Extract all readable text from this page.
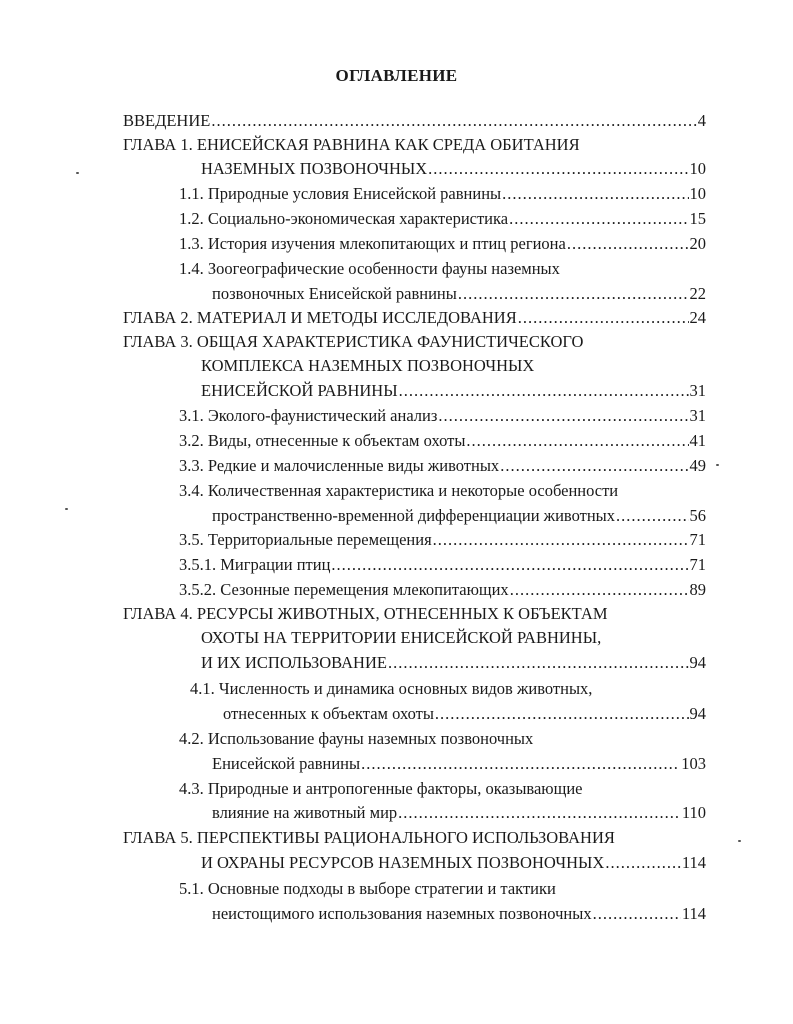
ОГЛАВЛЕНИЕ
ВВЕДЕНИЕ .....	4
ГЛАВА 1. ЕНИСЕЙСКАЯ РАВНИНА КАК СРЕДА ОБИТАНИЯ
НАЗЕМНЫХ ПОЗВОНОЧНЫХ .....	10
1.1. Природные условия Енисейской равнины .....	10
1.2. Социально-экономическая характеристика .....	15
1.3. История изучения млекопитающих и птиц региона .....	20
1.4. Зоогеографические особенности фауны наземных
позвоночных Енисейской равнины .....	22
ГЛАВА 2. МАТЕРИАЛ И МЕТОДЫ ИССЛЕДОВАНИЯ .....	24
ГЛАВА 3. ОБЩАЯ ХАРАКТЕРИСТИКА ФАУНИСТИЧЕСКОГО
КОМПЛЕКСА НАЗЕМНЫХ ПОЗВОНОЧНЫХ
ЕНИСЕЙСКОЙ РАВНИНЫ .....	31
3.1. Эколого-фаунистический анализ .....	31
3.2. Виды, отнесенные к объектам охоты .....	41
3.3. Редкие и малочисленные виды животных .....	49
3.4. Количественная характеристика и некоторые особенности
пространственно-временной дифференциации животных .....	56
3.5. Территориальные перемещения .....	71
3.5.1. Миграции птиц .....	71
3.5.2. Сезонные перемещения млекопитающих .....	89
ГЛАВА 4. РЕСУРСЫ ЖИВОТНЫХ, ОТНЕСЕННЫХ К ОБЪЕКТАМ
ОХОТЫ НА ТЕРРИТОРИИ ЕНИСЕЙСКОЙ РАВНИНЫ,
И ИХ ИСПОЛЬЗОВАНИЕ .....	94
4.1. Численность и динамика основных видов животных,
отнесенных к объектам охоты .....	94
4.2. Использование фауны наземных позвоночных
Енисейской равнины .....	103
4.3. Природные и антропогенные факторы, оказывающие
влияние на животный мир .....	110
ГЛАВА 5. ПЕРСПЕКТИВЫ РАЦИОНАЛЬНОГО ИСПОЛЬЗОВАНИЯ
И ОХРАНЫ РЕСУРСОВ НАЗЕМНЫХ ПОЗВОНОЧНЫХ .....	114
5.1. Основные подходы в выборе стратегии и тактики
неистощимого использования наземных позвоночных .....	114
